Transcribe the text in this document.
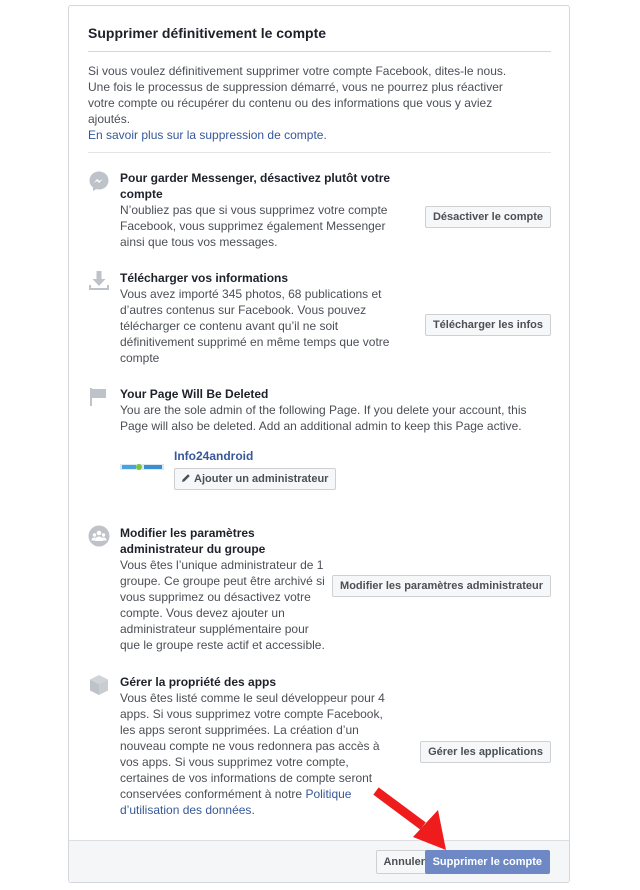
Supprimer définitivement le compte
Si vous voulez définitivement supprimer votre compte Facebook, dites-le nous.
Une fois le processus de suppression démarré, vous ne pourrez plus réactiver
votre compte ou récupérer du contenu ou des informations que vous y aviez
ajoutés.
En savoir plus sur la suppression de compte.
Pour garder Messenger, désactivez plutôt votre
compte
N’oubliez pas que si vous supprimez votre compte
Facebook, vous supprimez également Messenger
ainsi que tous vos messages.
Désactiver le compte
Télécharger vos informations
Vous avez importé 345 photos, 68 publications et
d’autres contenus sur Facebook. Vous pouvez
télécharger ce contenu avant qu’il ne soit
définitivement supprimé en même temps que votre
compte
Télécharger les infos
Your Page Will Be Deleted
You are the sole admin of the following Page. If you delete your account, this
Page will also be deleted. Add an additional admin to keep this Page active.
Info24android
Ajouter un administrateur
Modifier les paramètres
administrateur du groupe
Vous êtes l’unique administrateur de 1
groupe. Ce groupe peut être archivé si
vous supprimez ou désactivez votre
compte. Vous devez ajouter un
administrateur supplémentaire pour
que le groupe reste actif et accessible.
Modifier les paramètres administrateur
Gérer la propriété des apps
Vous êtes listé comme le seul développeur pour 4
apps. Si vous supprimez votre compte Facebook,
les apps seront supprimées. La création d’un
nouveau compte ne vous redonnera pas accès à
vos apps. Si vous supprimez votre compte,
certaines de vos informations de compte seront
conservées conformément à notre Politique
d’utilisation des données.
Gérer les applications
Annuler Supprimer le compte
